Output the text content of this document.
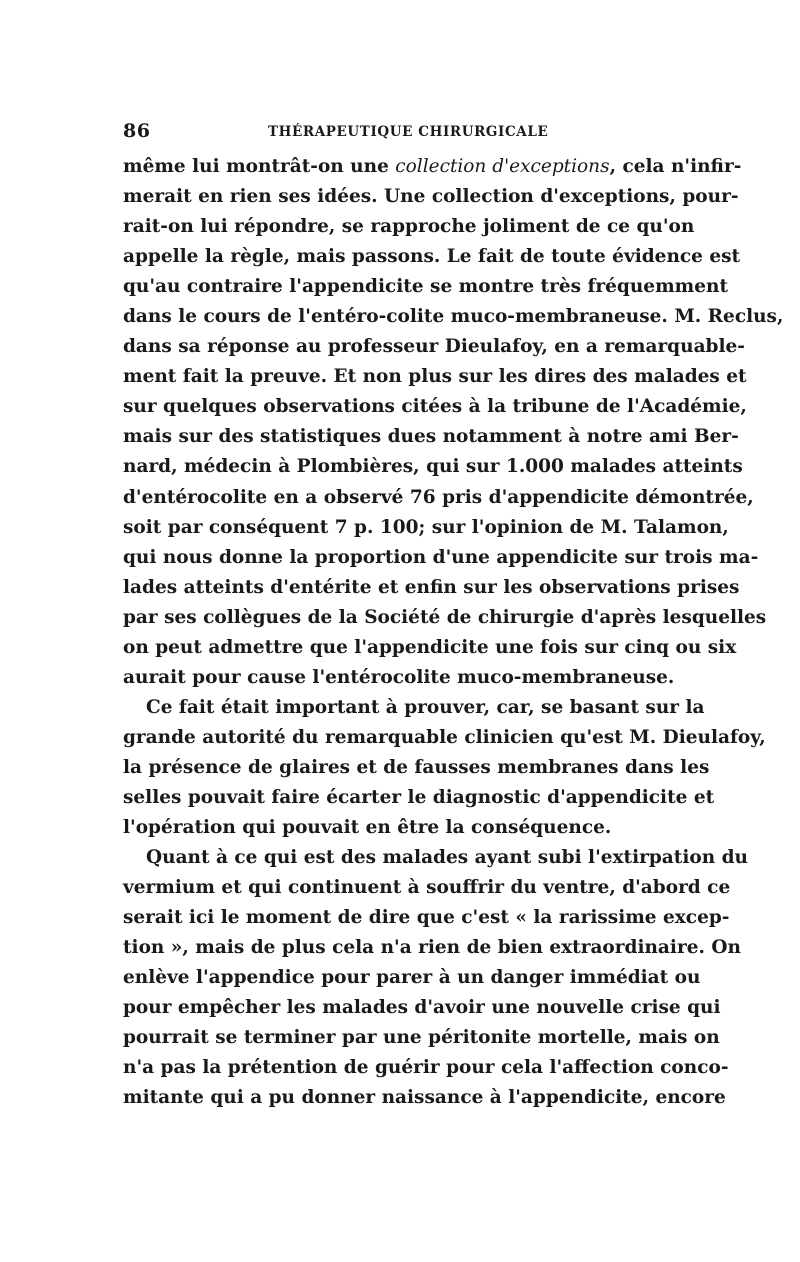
86	THÉRAPEUTIQUE CHIRURGICALE
même lui montrât-on une collection d'exceptions, cela n'infir-
merait en rien ses idées. Une collection d'exceptions, pour-
rait-on lui répondre, se rapproche joliment de ce qu'on
appelle la règle, mais passons. Le fait de toute évidence est
qu'au contraire l'appendicite se montre très fréquemment
dans le cours de l'entéro-colite muco-membraneuse. M. Reclus,
dans sa réponse au professeur Dieulafoy, en a remarquable-
ment fait la preuve. Et non plus sur les dires des malades et
sur quelques observations citées à la tribune de l'Académie,
mais sur des statistiques dues notamment à notre ami Ber-
nard, médecin à Plombières, qui sur 1.000 malades atteints
d'entérocolite en a observé 76 pris d'appendicite démontrée,
soit par conséquent 7 p. 100; sur l'opinion de M. Talamon,
qui nous donne la proportion d'une appendicite sur trois ma-
lades atteints d'entérite et enfin sur les observations prises
par ses collègues de la Société de chirurgie d'après lesquelles
on peut admettre que l'appendicite une fois sur cinq ou six
aurait pour cause l'entérocolite muco-membraneuse.
Ce fait était important à prouver, car, se basant sur la
grande autorité du remarquable clinicien qu'est M. Dieulafoy,
la présence de glaires et de fausses membranes dans les
selles pouvait faire écarter le diagnostic d'appendicite et
l'opération qui pouvait en être la conséquence.
Quant à ce qui est des malades ayant subi l'extirpation du
vermium et qui continuent à souffrir du ventre, d'abord ce
serait ici le moment de dire que c'est « la rarissime excep-
tion », mais de plus cela n'a rien de bien extraordinaire. On
enlève l'appendice pour parer à un danger immédiat ou
pour empêcher les malades d'avoir une nouvelle crise qui
pourrait se terminer par une péritonite mortelle, mais on
n'a pas la prétention de guérir pour cela l'affection conco-
mitante qui a pu donner naissance à l'appendicite, encore
